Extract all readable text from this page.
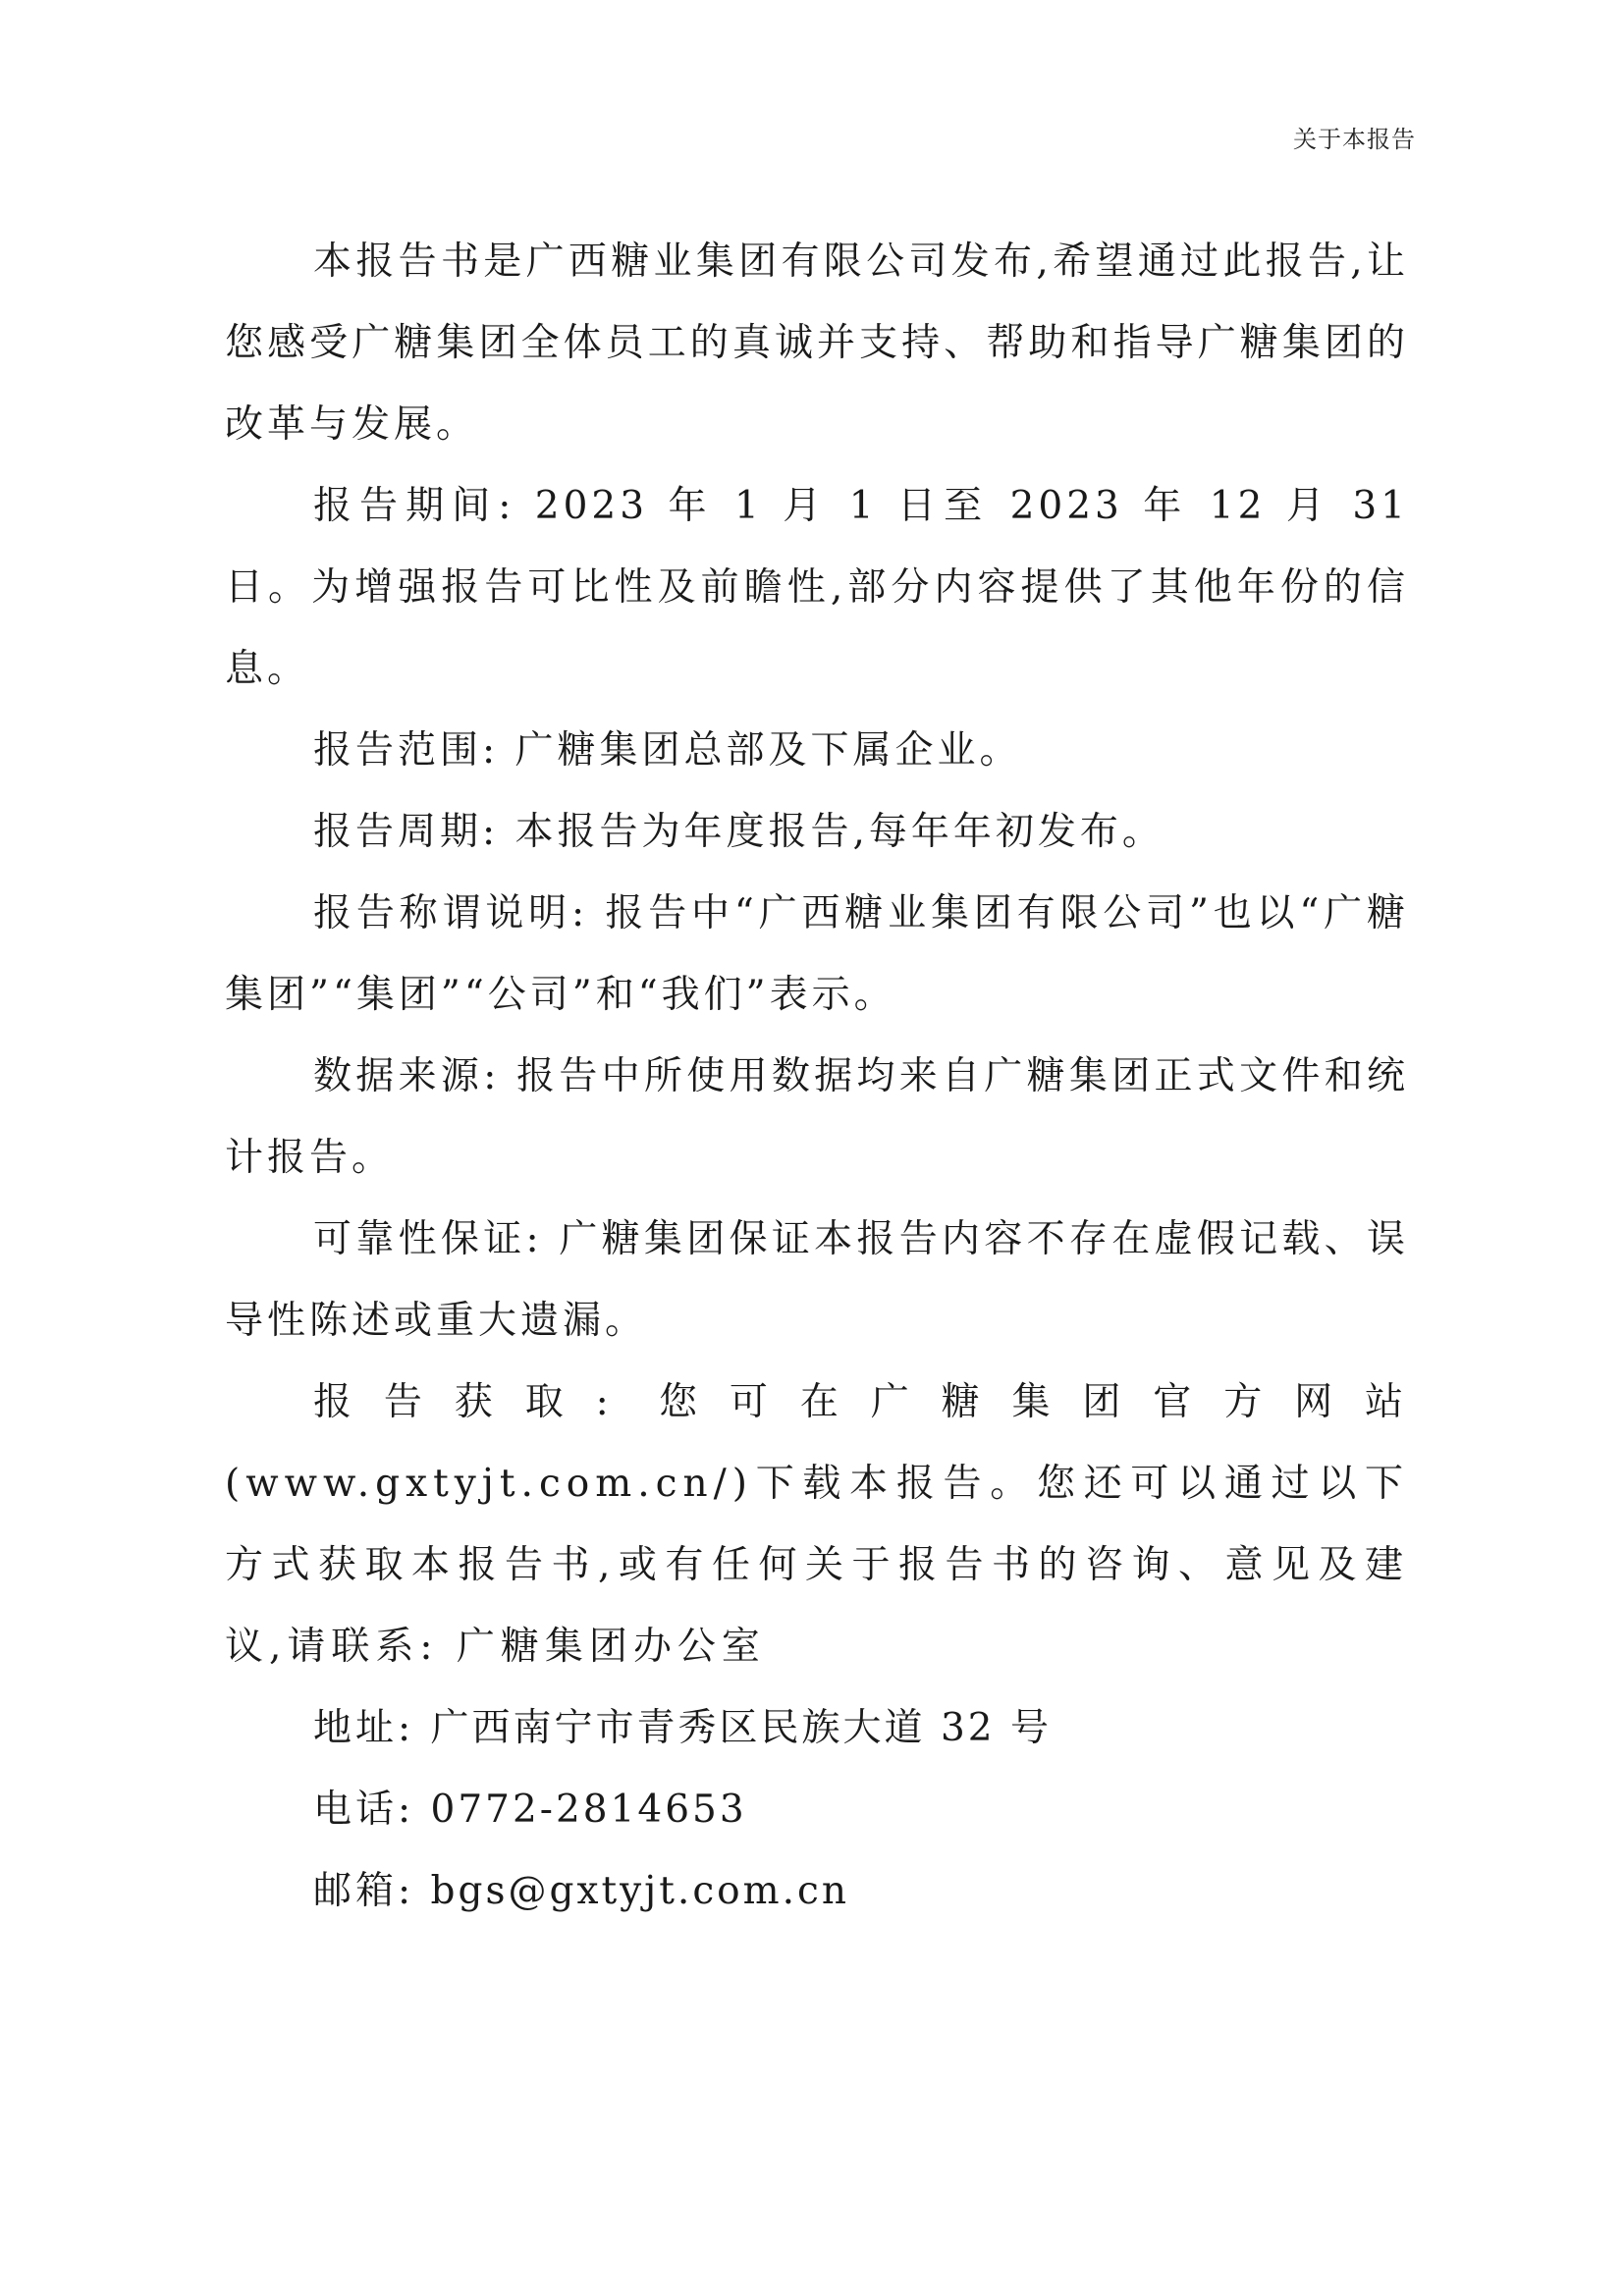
关于本报告

本报告书是广西糖业集团有限公司发布,希望通过此报告,让您感受广糖集团全体员工的真诚并支持、帮助和指导广糖集团的改革与发展。

报告期间: 2023 年 1 月 1 日至 2023 年 12 月 31 日。为增强报告可比性及前瞻性,部分内容提供了其他年份的信息。

报告范围: 广糖集团总部及下属企业。

报告周期: 本报告为年度报告,每年年初发布。

报告称谓说明: 报告中“广西糖业集团有限公司”也以“广糖集团”“集团”“公司”和“我们”表示。

数据来源: 报告中所使用数据均来自广糖集团正式文件和统计报告。

可靠性保证: 广糖集团保证本报告内容不存在虚假记载、误导性陈述或重大遗漏。

报告获取: 您可在广糖集团官方网站(www.gxtyjt.com.cn/)下载本报告。您还可以通过以下方式获取本报告书,或有任何关于报告书的咨询、意见及建议,请联系: 广糖集团办公室

地址: 广西南宁市青秀区民族大道 32 号

电话: 0772-2814653

邮箱: bgs@gxtyjt.com.cn
